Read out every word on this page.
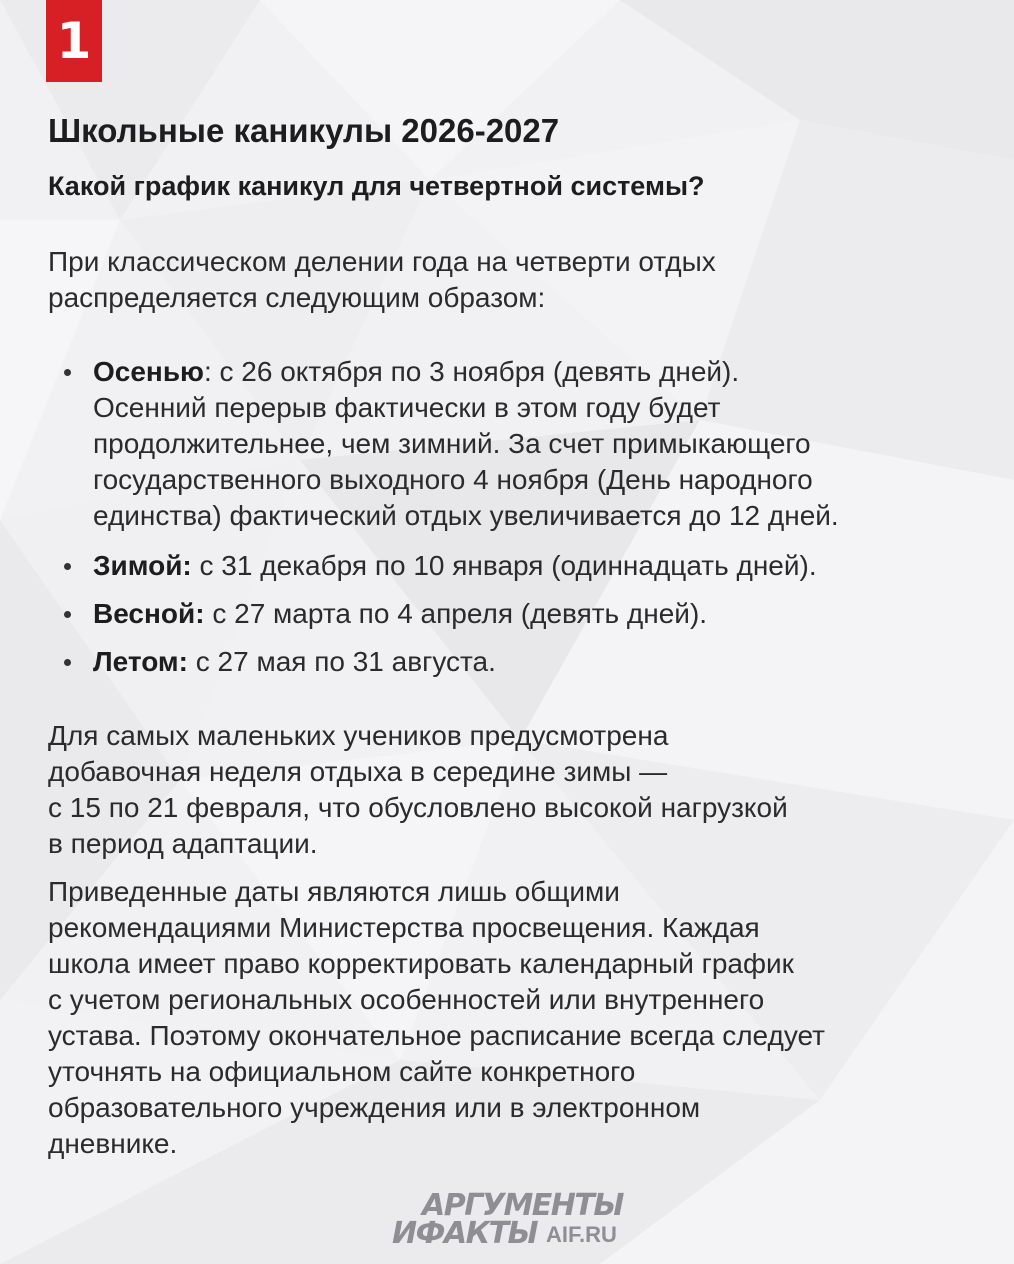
1
Школьные каникулы 2026-2027
Какой график каникул для четвертной системы?
При классическом делении года на четверти отдых
распределяется следующим образом:
Осенью: с 26 октября по 3 ноября (девять дней).
Осенний перерыв фактически в этом году будет
продолжительнее, чем зимний. За счет примыкающего
государственного выходного 4 ноября (День народного
единства) фактический отдых увеличивается до 12 дней.
Зимой: с 31 декабря по 10 января (одиннадцать дней).
Весной: с 27 марта по 4 апреля (девять дней).
Летом: с 27 мая по 31 августа.
Для самых маленьких учеников предусмотрена
добавочная неделя отдыха в середине зимы —
с 15 по 21 февраля, что обусловлено высокой нагрузкой
в период адаптации.
Приведенные даты являются лишь общими
рекомендациями Министерства просвещения. Каждая
школа имеет право корректировать календарный график
с учетом региональных особенностей или внутреннего
устава. Поэтому окончательное расписание всегда следует
уточнять на официальном сайте конкретного
образовательного учреждения или в электронном
дневнике.
АРГУМЕНТЫ
ИФАКТЫ AIF.RU
